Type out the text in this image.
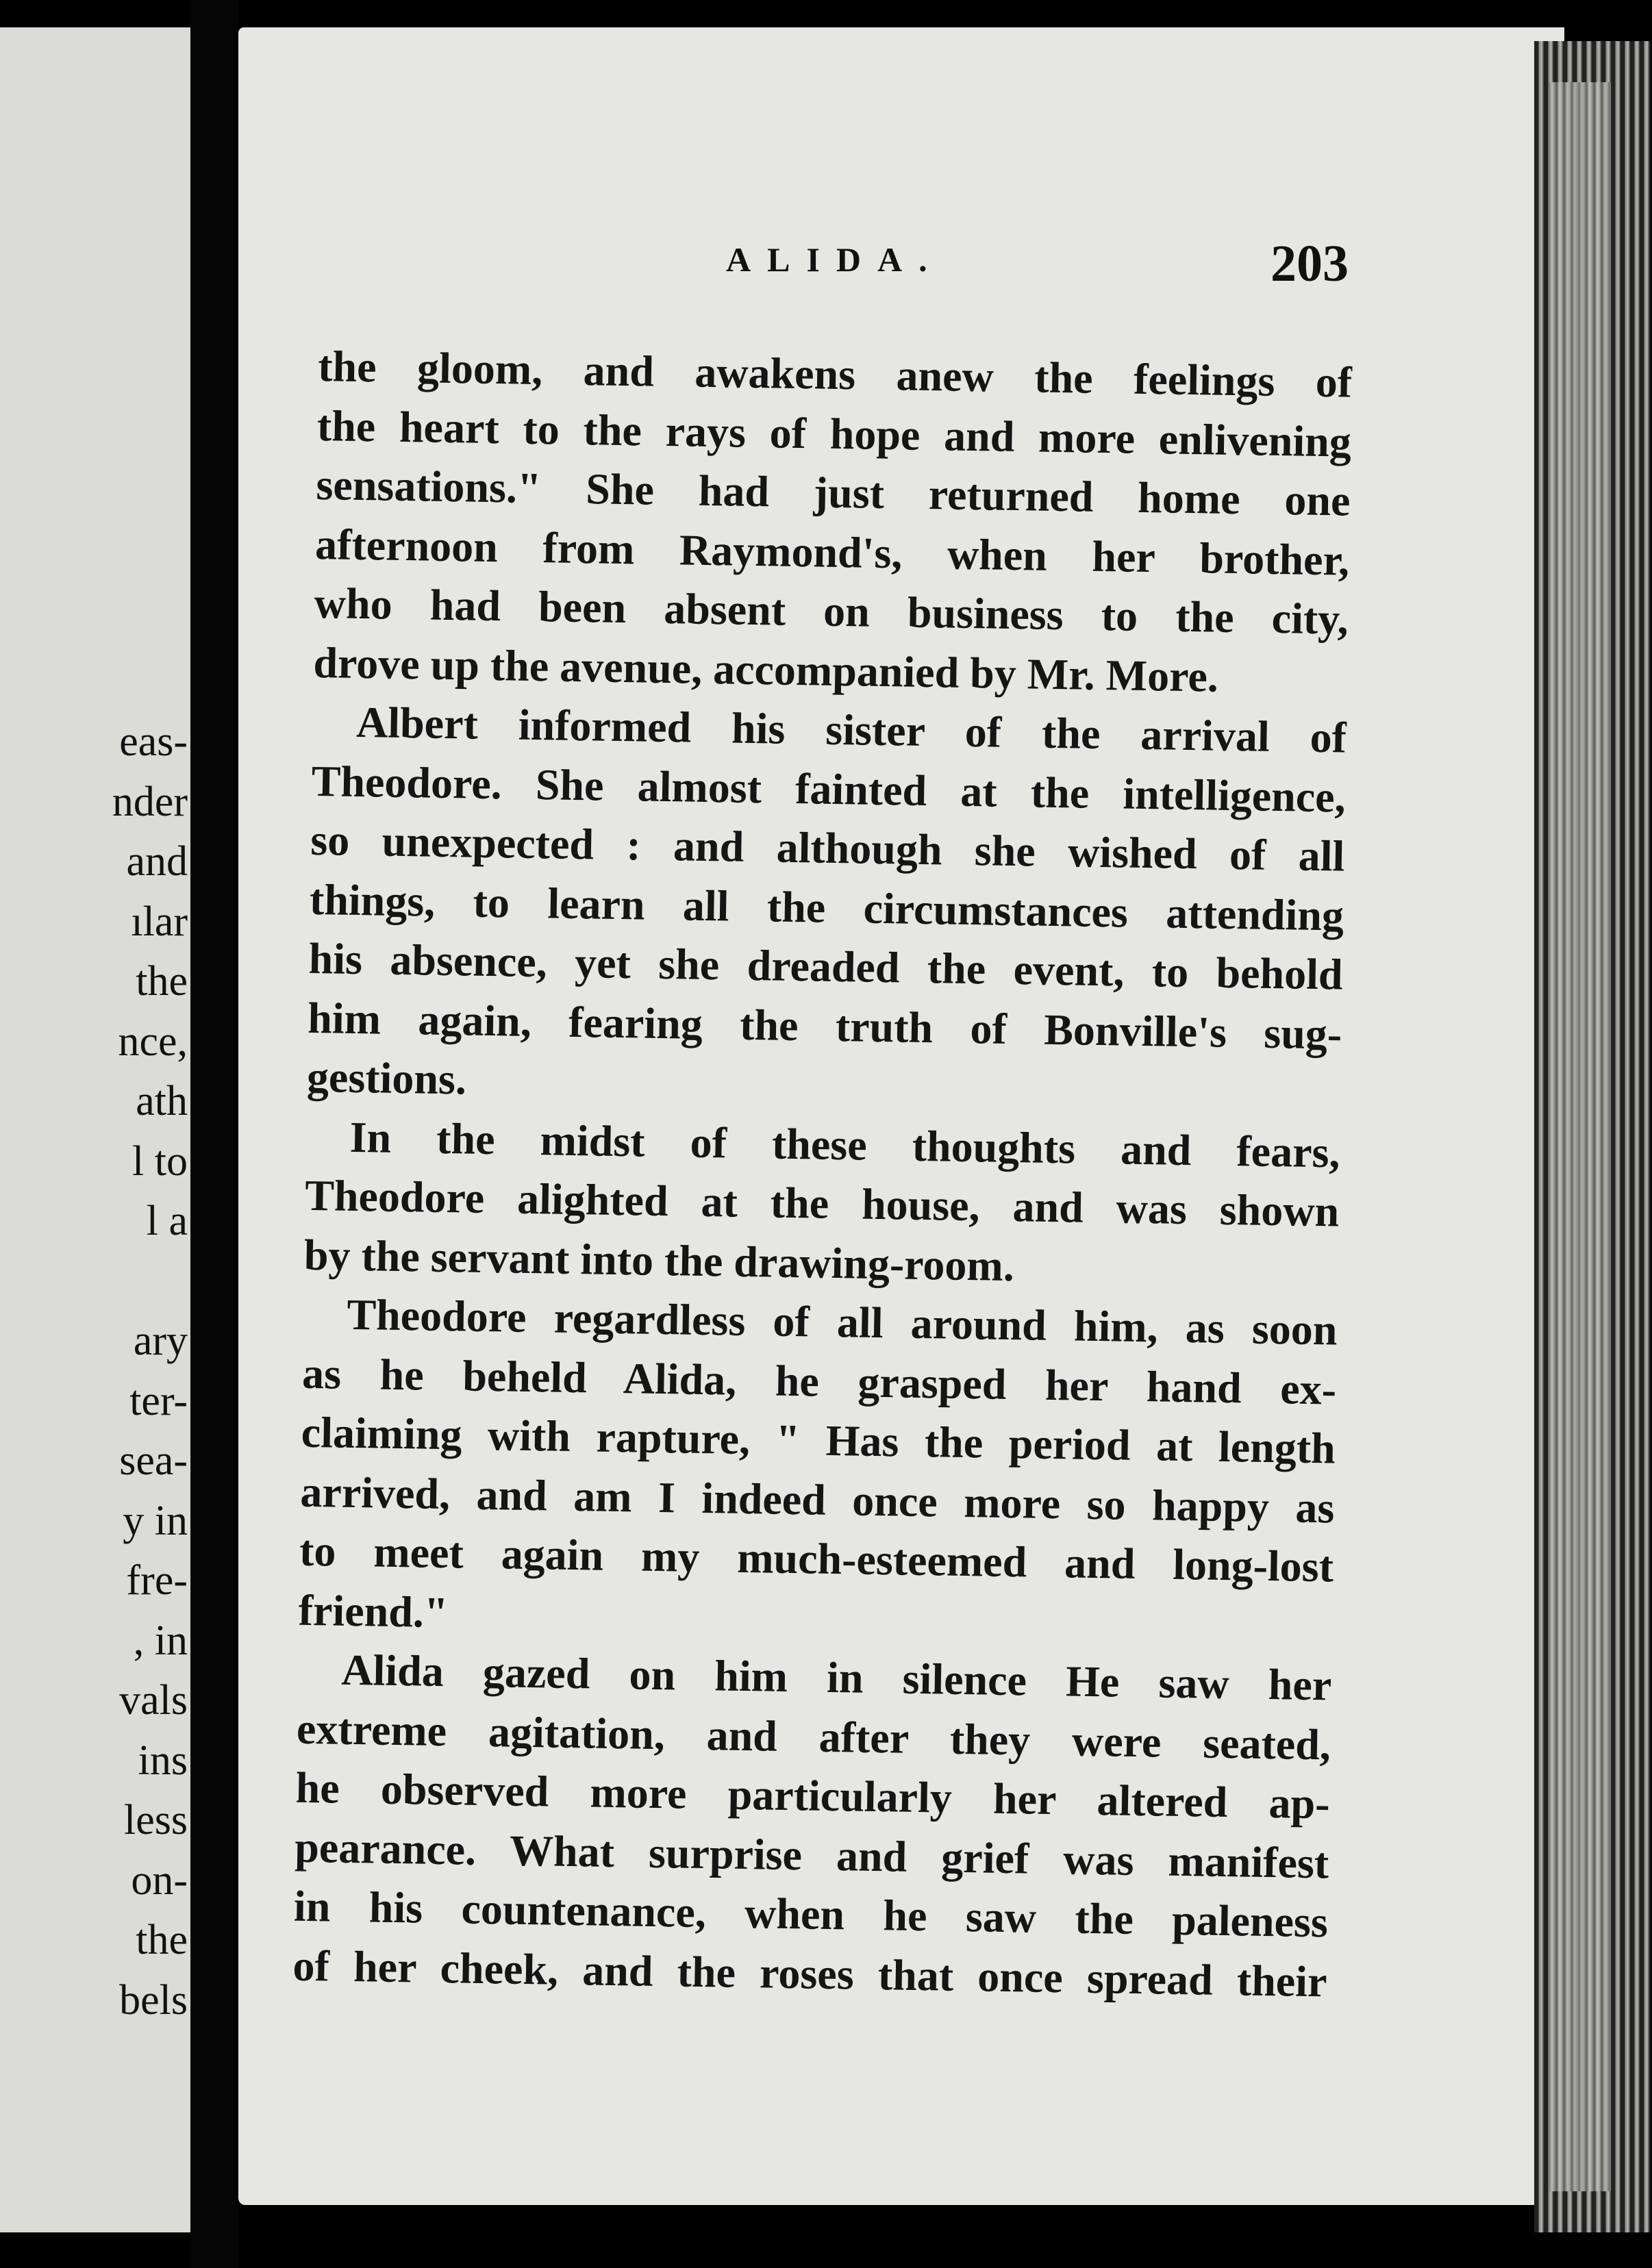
eas-
nder
and
ılar
the
nce,
ath
l to
l a
ary
ter-
sea-
y in
fre-
, in
vals
ins
less
on-
the
bels
ALIDA.	203
the gloom, and awakens anew the feelings of
the heart to the rays of hope and more enlivening
sensations." She had just returned home one
afternoon from Raymond's, when her brother,
who had been absent on business to the city,
drove up the avenue, accompanied by Mr. More.
Albert informed his sister of the arrival of
Theodore. She almost fainted at the intelligence,
so unexpected : and although she wished of all
things, to learn all the circumstances attending
his absence, yet she dreaded the event, to behold
him again, fearing the truth of Bonville's sug-
gestions.
In the midst of these thoughts and fears,
Theodore alighted at the house, and was shown
by the servant into the drawing-room.
Theodore regardless of all around him, as soon
as he beheld Alida, he grasped her hand ex-
claiming with rapture, " Has the period at length
arrived, and am I indeed once more so happy as
to meet again my much-esteemed and long-lost
friend."
Alida gazed on him in silence He saw her
extreme agitation, and after they were seated,
he observed more particularly her altered ap-
pearance. What surprise and grief was manifest
in his countenance, when he saw the paleness
of her cheek, and the roses that once spread their
